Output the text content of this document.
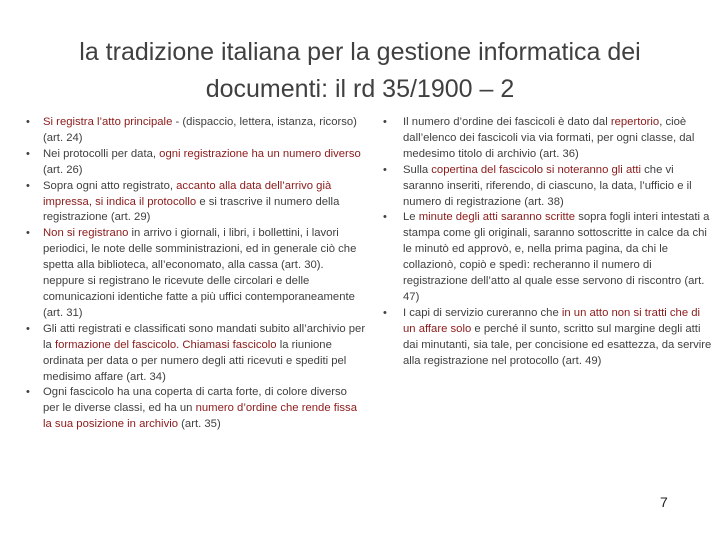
la tradizione italiana per la gestione informatica dei documenti: il rd 35/1900 – 2
• Si registra l’atto principale - (dispaccio, lettera, istanza, ricorso) (art. 24)
• Nei protocolli per data, ogni registrazione ha un numero diverso (art. 26)
• Sopra ogni atto registrato, accanto alla data dell’arrivo già impressa, si indica il protocollo e si trascrive il numero della registrazione (art. 29)
• Non si registrano in arrivo i giornali, i libri, i bollettini, i lavori periodici, le note delle somministrazioni, ed in generale ciò che spetta alla biblioteca, all’economato, alla cassa (art. 30). neppure si registrano le ricevute delle circolari e delle comunicazioni identiche fatte a più uffici contemporaneamente (art. 31)
• Gli atti registrati e classificati sono mandati subito all’archivio per la formazione del fascicolo. Chiamasi fascicolo la riunione ordinata per data o per numero degli atti ricevuti e spediti pel medisimo affare (art. 34)
• Ogni fascicolo ha una coperta di carta forte, di colore diverso per le diverse classi, ed ha un numero d’ordine che rende fissa la sua posizione in archivio (art. 35)
• Il numero d’ordine dei fascicoli è dato dal repertorio, cioè dall’elenco dei fascicoli via via formati, per ogni classe, dal medesimo titolo di archivio (art. 36)
• Sulla copertina del fascicolo si noteranno gli atti che vi saranno inseriti, riferendo, di ciascuno, la data, l’ufficio e il numero di registrazione (art. 38)
• Le minute degli atti saranno scritte sopra fogli interi intestati a stampa come gli originali, saranno sottoscritte in calce da chi le minutò ed approvò, e, nella prima pagina, da chi le collazionò, copiò e spedì: recheranno il numero di registrazione dell’atto al quale esse servono di riscontro (art. 47)
• I capi di servizio cureranno che in un atto non si tratti che di un affare solo e perché il sunto, scritto sul margine degli atti dai minutanti, sia tale, per concisione ed esattezza, da servire alla registrazione nel protocollo (art. 49)
7
